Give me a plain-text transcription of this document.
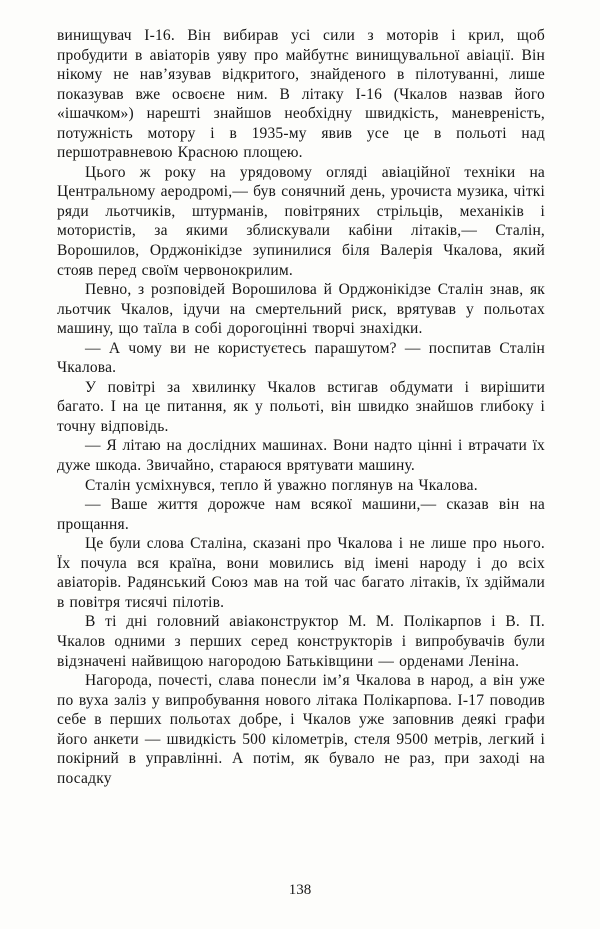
винищувач І-16. Він вибирав усі сили з моторів і крил, щоб пробудити в авіаторів уяву про майбутнє винищувальної авіації. Він нікому не нав’язував відкритого, знайденого в пілотуванні, лише показував вже освоєне ним. В літаку І-16 (Чкалов назвав його «ішачком») нарешті знайшов необхідну швидкість, маневреність, потужність мотору і в 1935-му явив усе це в польоті над першотравневою Красною площею.

Цього ж року на урядовому огляді авіаційної техніки на Центральному аеродромі,— був сонячний день, урочиста музика, чіткі ряди льотчиків, штурманів, повітряних стрільців, механіків і мотористів, за якими зблискували кабіни літаків,— Сталін, Ворошилов, Орджонікідзе зупинилися біля Валерія Чкалова, який стояв перед своїм червонокрилим.

Певно, з розповідей Ворошилова й Орджонікідзе Сталін знав, як льотчик Чкалов, ідучи на смертельний риск, врятував у польотах машину, що таїла в собі дорогоцінні творчі знахідки.

— А чому ви не користуєтесь парашутом? — поспитав Сталін Чкалова.

У повітрі за хвилинку Чкалов встигав обдумати і вирішити багато. І на це питання, як у польоті, він швидко знайшов глибоку і точну відповідь.

— Я літаю на дослідних машинах. Вони надто цінні і втрачати їх дуже шкода. Звичайно, стараюся врятувати машину.

Сталін усміхнувся, тепло й уважно поглянув на Чкалова.

— Ваше життя дорожче нам всякої машини,— сказав він на прощання.

Це були слова Сталіна, сказані про Чкалова і не лише про нього. Їх почула вся країна, вони мовились від імені народу і до всіх авіаторів. Радянський Союз мав на той час багато літаків, їх здіймали в повітря тисячі пілотів.

В ті дні головний авіаконструктор М. М. Полікарпов і В. П. Чкалов одними з перших серед конструкторів і випробувачів були відзначені найвищою нагородою Батьківщини — орденами Леніна.

Нагорода, почесті, слава понесли ім’я Чкалова в народ, а він уже по вуха заліз у випробування нового літака Полікарпова. І-17 поводив себе в перших польотах добре, і Чкалов уже заповнив деякі графи його анкети — швидкість 500 кілометрів, стеля 9500 метрів, легкий і покірний в управлінні. А потім, як бувало не раз, при заході на посадку

138
